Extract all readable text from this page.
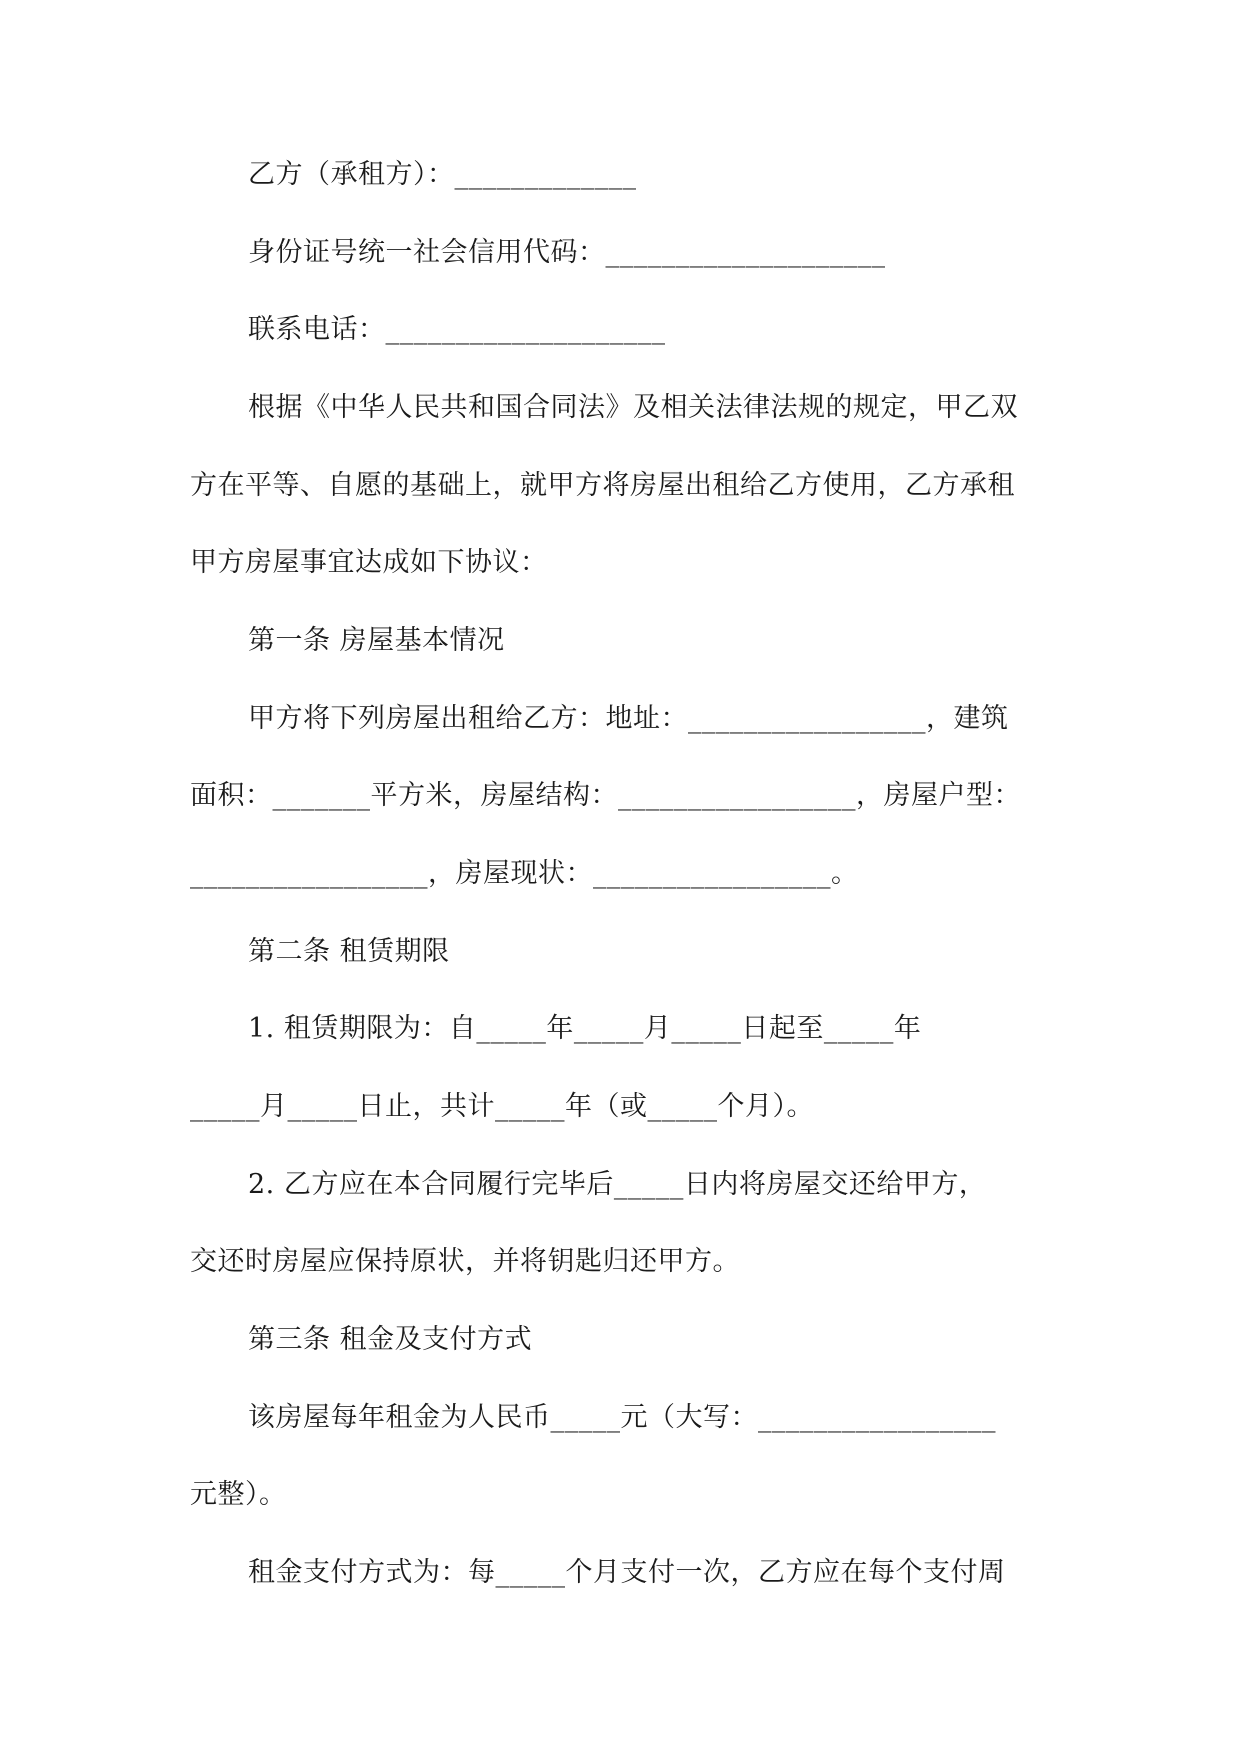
乙方（承租方）：_____________
身份证号统一社会信用代码：____________________
联系电话：____________________
根据《中华人民共和国合同法》及相关法律法规的规定，甲乙双
方在平等、自愿的基础上，就甲方将房屋出租给乙方使用，乙方承租
甲方房屋事宜达成如下协议：
第一条 房屋基本情况
甲方将下列房屋出租给乙方：地址：_________________，建筑
面积：_______平方米，房屋结构：_________________，房屋户型：
_________________，房屋现状：_________________。
第二条 租赁期限
1. 租赁期限为：自_____年_____月_____日起至_____年
_____月_____日止，共计_____年（或_____个月）。
2. 乙方应在本合同履行完毕后_____日内将房屋交还给甲方，
交还时房屋应保持原状，并将钥匙归还甲方。
第三条 租金及支付方式
该房屋每年租金为人民币_____元（大写：_________________
元整）。
租金支付方式为：每_____个月支付一次，乙方应在每个支付周
